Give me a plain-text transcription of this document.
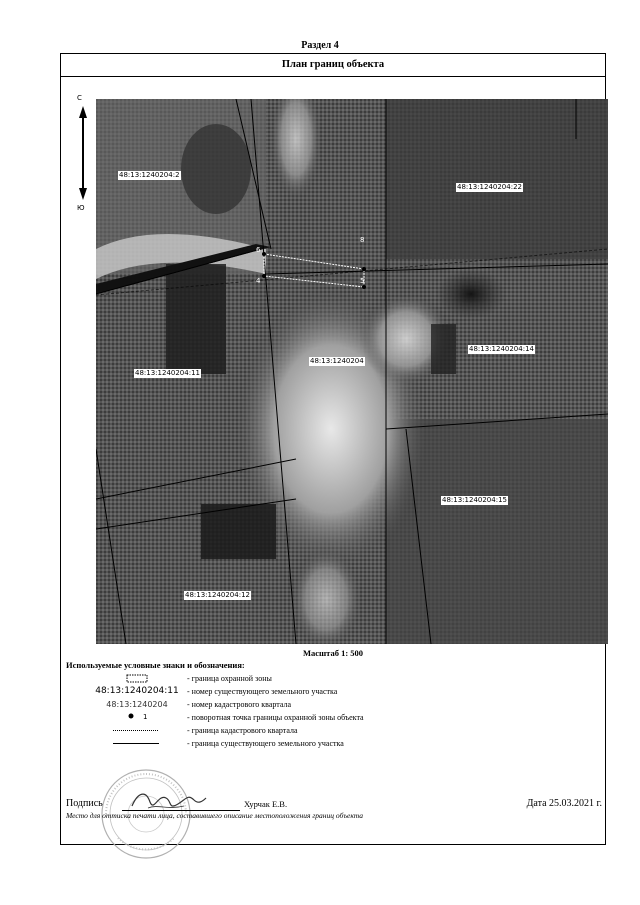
Раздел 4
План границ объекта
С
Ю
6
8
5
4
48:13:1240204:2
48:13:1240204:22
48:13:1240204:11
48:13:1240204
48:13:1240204:14
48:13:1240204:15
48:13:1240204:12
Масштаб 1: 500
Используемые условные знаки и обозначения:
- граница охранной зоны
48:13:1240204:11	- номер существующего земельного участка
48:13:1240204	- номер кадастрового квартала
1	- поворотная точка границы охранной зоны объекта
- граница кадастрового квартала
- граница существующего земельного участка
Подпись	Хурчак Е.В.	Дата 25.03.2021 г.
Место для оттиска печати лица, составившего описание местоположения границ объекта
